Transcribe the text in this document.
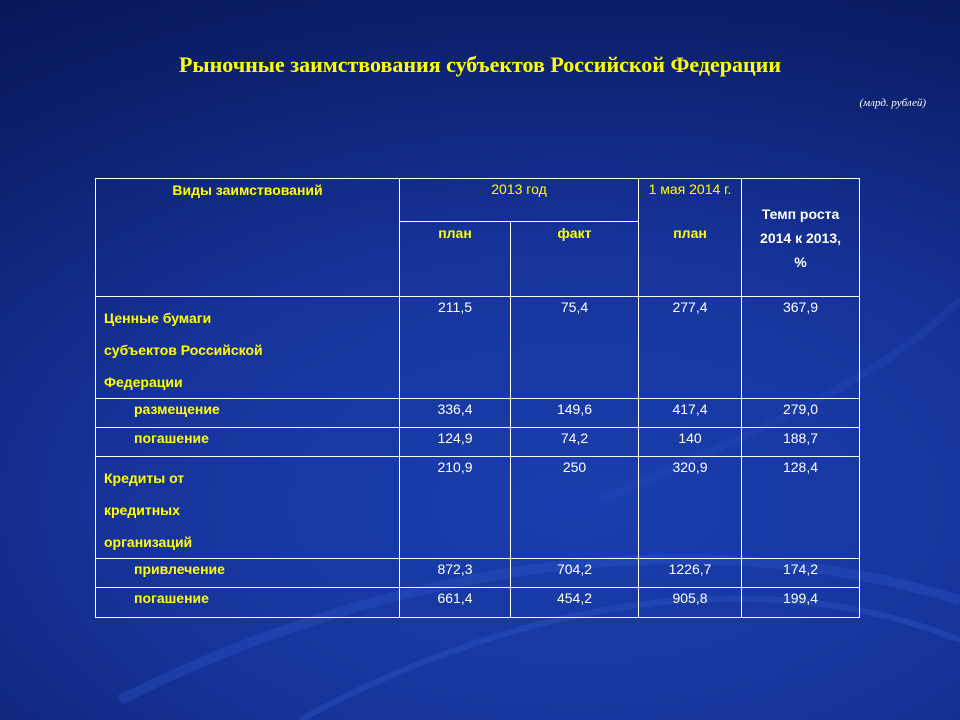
Рыночные заимствования субъектов Российской Федерации
(млрд. рублей)
Виды заимствований	2013 год		1 мая 2014 г.	Темп роста
2014 к 2013,
%

	план	факт	план	

Ценные бумаги
субъектов Российской
Федерации	211,5	75,4	277,4	367,9
размещение	336,4	149,6	417,4	279,0
погашение	124,9	74,2	140	188,7

Кредиты от
кредитных
организаций	210,9	250	320,9	128,4
привлечение	872,3	704,2	1226,7	174,2
погашение	661,4	454,2	905,8	199,4
